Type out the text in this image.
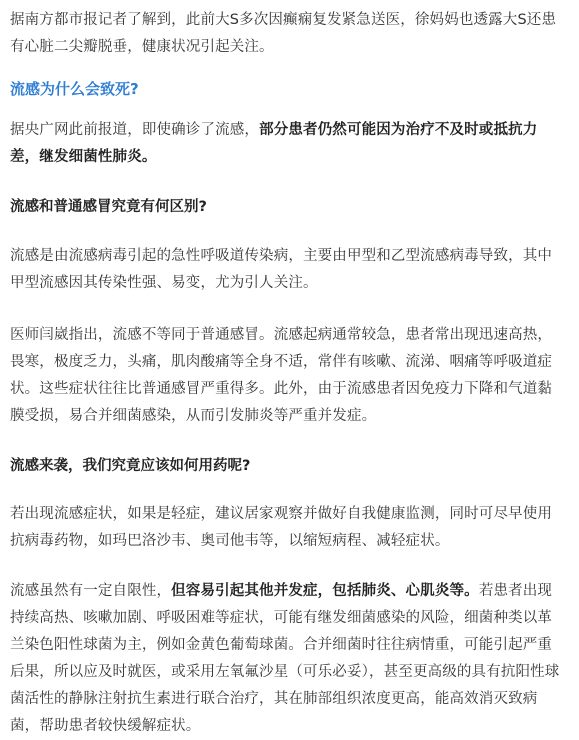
据南方都市报记者了解到，此前大S多次因癫痫复发紧急送医，徐妈妈也透露大S还患有心脏二尖瓣脱垂，健康状况引起关注。

流感为什么会致死?

据央广网此前报道，即使确诊了流感，部分患者仍然可能因为治疗不及时或抵抗力差，继发细菌性肺炎。

流感和普通感冒究竟有何区别?

流感是由流感病毒引起的急性呼吸道传染病，主要由甲型和乙型流感病毒导致，其中甲型流感因其传染性强、易变，尤为引人关注。

医师闫崴指出，流感不等同于普通感冒。流感起病通常较急，患者常出现迅速高热，畏寒，极度乏力，头痛，肌肉酸痛等全身不适，常伴有咳嗽、流涕、咽痛等呼吸道症状。这些症状往往比普通感冒严重得多。此外，由于流感患者因免疫力下降和气道黏膜受损，易合并细菌感染，从而引发肺炎等严重并发症。

流感来袭，我们究竟应该如何用药呢?

若出现流感症状，如果是轻症，建议居家观察并做好自我健康监测，同时可尽早使用抗病毒药物，如玛巴洛沙韦、奥司他韦等，以缩短病程、减轻症状。

流感虽然有一定自限性，但容易引起其他并发症，包括肺炎、心肌炎等。若患者出现持续高热、咳嗽加剧、呼吸困难等症状，可能有继发细菌感染的风险，细菌种类以革兰染色阳性球菌为主，例如金黄色葡萄球菌。合并细菌时往往病情重，可能引起严重后果，所以应及时就医，或采用左氧氟沙星（可乐必妥），甚至更高级的具有抗阳性球菌活性的静脉注射抗生素进行联合治疗，其在肺部组织浓度更高，能高效消灭致病菌，帮助患者较快缓解症状。
